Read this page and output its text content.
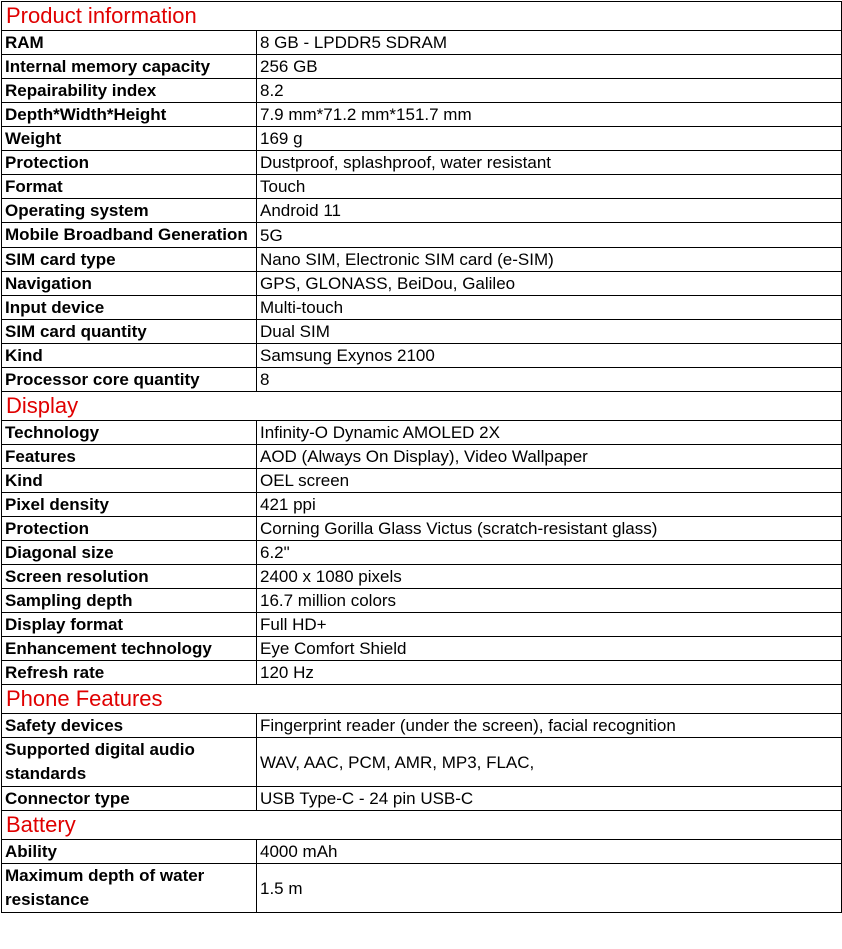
Product information	
RAM	8 GB - LPDDR5 SDRAM
Internal memory capacity	256 GB
Repairability index	8.2
Depth*Width*Height	7.9 mm*71.2 mm*151.7 mm
Weight	169 g
Protection	Dustproof, splashproof, water resistant
Format	Touch
Operating system	Android 11
Mobile Broadband Generation	5G
SIM card type	Nano SIM, Electronic SIM card (e-SIM)
Navigation	GPS, GLONASS, BeiDou, Galileo
Input device	Multi-touch
SIM card quantity	Dual SIM
Kind	Samsung Exynos 2100
Processor core quantity	8
Display	
Technology	Infinity-O Dynamic AMOLED 2X
Features	AOD (Always On Display), Video Wallpaper
Kind	OEL screen
Pixel density	421 ppi
Protection	Corning Gorilla Glass Victus (scratch-resistant glass)
Diagonal size	6.2"
Screen resolution	2400 x 1080 pixels
Sampling depth	16.7 million colors
Display format	Full HD+
Enhancement technology	Eye Comfort Shield
Refresh rate	120 Hz
Phone Features	
Safety devices	Fingerprint reader (under the screen), facial recognition
Supported digital audio standards	WAV, AAC, PCM, AMR, MP3, FLAC,
Connector type	USB Type-C - 24 pin USB-C
Battery	
Ability	4000 mAh
Maximum depth of water resistance	1.5 m
